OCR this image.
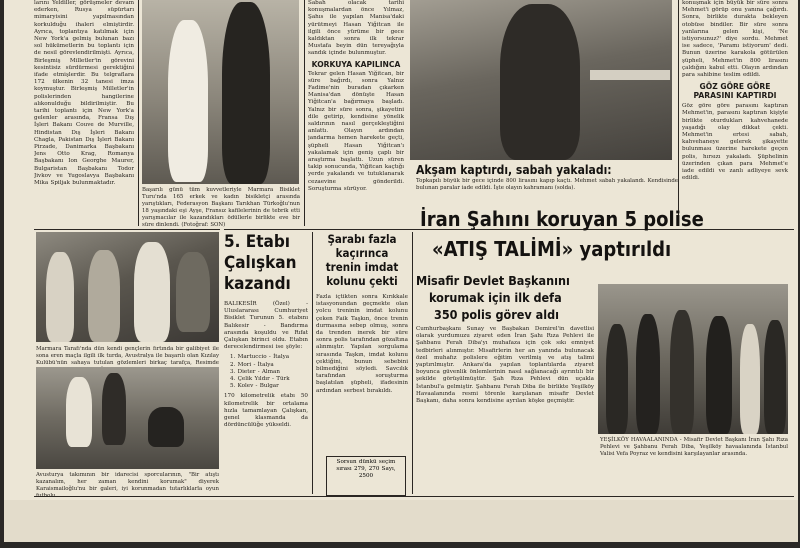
larını Yeldiller, görüşmeler devam ederken, Rusya süpürtarı mimaryisini yapılmasından korkulduğu ihaleri elmiştirdir. Ayrıca, toplantıya katılmak için New York'a gelmiş bulunan bazı sol hükümetlerin bu toplantı için de nesil görevlendirilmişti. Ayrıca, Birleşmiş Milletler'in görevini kesintisiz sürdürmesi gerektiğini ifade etmişlerdir. Bu telgraflara 172 ülkenin 32 tanesi imza koymuştur. Birleşmiş Milletler'in polislerinden hangilerine alıkonulduğu bildirilmiştir. Bu tarihi toplantı için New York'a gelenler arasında, Fransa Dış İşleri Bakanı Couve de Murville, Hindistan Dış İşleri Bakanı Chagla, Pakistan Dış İşleri Bakanı Pirzade, Danimarka Başbakanı Jens Otto Krag, Romanya Başbakanı Ion Georghe Maurer, Bulgaristan Başbakanı Todor Jivkov ve Yugoslavya Başbakanı Mika Spiljak bulunmaktadır.

Marmara Tarafı'nda dün kendi gençlerin fırtında bir galibiyet ile sona eren maçla ilgili ilk turda, Avustralya ile başarılı olan Kızılay Kulübü'nün sahaya tutulan gözlemleri birkaç tarafça, Resimde

Avusturya takımının bir idarecisi sporcularının, "Bir atıştı kazanalım, her zaman kendini korumak" diyerek Karaismailoğlu'nu bir galeri, iyi korunmadan tutarlıklarla oyun

Başarılı günü tüm kuvvetleriyle Marmara Bisiklet Turu'nda 165 erkek ve kadın bisikletçi arasında yarıştıkları, Federasyon Başkanı Tarıkhan Türkoğlu'nun 18 yaşındaki eşi Ayşe, Fransız kafilelerinin de tebrik etti yarışmacılar ile kazandıkları ödüllerle birlikte eve bir süre dinlendi. (Fotoğraf: SON)

Sabah olacak tarihi konuşmalardan önce Yılmaz, Şahıs ile yapılan Manisa'daki yürütmeyi Hasan Yiğitcan ile ilgili önce yürüme bir gece kaldıktan sonra ilk tekrar Mustafa beyin dün tereyağıyla sandık içinde bulunmuştur.

KORKUYA KAPILINCA

Tekrar gelen Hasan Yiğitcan, bir süre bağırdı, sonra Yalnız Fadime'nin buradan çıkarken Manisa'dan dönüşte Hasan Yiğitcan'a bağırmaya başladı. Yalnız bir süre sonra, şikayetini dile getirip, kendisine yönelik saldırının nasıl gerçekleştiğini anlattı. Olayın ardından jandarma hemen harekete geçti, şüpheli Hasan Yiğitcan'ı yakalamak için geniş çaplı bir araştırma başlattı. Uzun süren takip sonucunda, Yiğitcan kaçtığı yerde yakalandı ve tutuklanarak cezaevine gönderildi. Soruşturma sürüyor.

Akşam kaptırdı, sabah yakaladı:

Topkapılı büyük bir gece içinde 800 lirasını kapıp kaçtı. Mehmet sabah yakalandı. Kendisinde bulunan paralar iade edildi. İşte olayın kahramanı (solda).

konuşmak için büyük bir süre sonra Mehmet'i görüp onu yanına çağırdı. Sonra, birlikte durakta bekleyen otobüse bindiler. Bir süre sonra yanlarına gelen kişi, 'Ne istiyorsunuz?' diye sordu. Mehmet ise sadece, 'Paramı istiyorum' dedi. Bunun üzerine karakola götürülen şüpheli, Mehmet'in 800 lirasını çaldığını kabul etti. Olayın ardından para sahibine teslim edildi.

GÖZ GÖRE GÖRE PARASINI KAPTIRDI

Göz göre göre parasını kaptıran Mehmet'in, parasını kaptıran kişiyle birlikte oturdukları kahvehanede yaşadığı olay dikkat çekti. Mehmet'in ertesi sabah, kahvehaneye gelerek şikayette bulunması üzerine harekete geçen polis, hırsızı yakaladı. Şüphelinin üzerinden çıkan para Mehmet'e iade edildi ve zanlı adliyeye sevk edildi.

5. Etabı

Çalışkan

kazandı

BALIKESİR (Özel) - Uluslararası Cumhuriyet Bisiklet Turunun 5. etabını Balıkesir - Bandırma arasında koşuldu ve Rıfat Çalışkan birinci oldu. Etabın derecelendirmesi ise şöyle:

1. Martuccio - İtalya

2. Mori - İtalya

3. Dieter - Alman

4. Çelik Yıldır - Türk

5. Kolev - Bulgar

170 kilometrelik etabı 50 kilometrelik bir ortalama hızla tamamlayan Çalışkan, genel klasmanda da dördüncülüğe yükseldi.

Şarabı fazla

kaçırınca

trenin imdat

kolunu çekti

Fazla içtikten sonra Kırıkkale istasyonundan geçmekte olan yolcu treninin imdat kolunu çeken Faik Taşkın, önce trenin durmasına sebep olmuş, sonra da trenden inerek bir süre sonra polis tarafından gözaltına alınmıştır. Yapılan sorgulama sırasında Taşkın, imdat kolunu çektiğini, bunun sebebini bilmediğini söyledi. Savcılık tarafından soruşturma başlatılan şüpheli, ifadesinin ardından serbest bırakıldı.

Sorsun dünkü seçim sırası 279, 270 Sayı, 2500

İran Şahını koruyan 5 polise

«ATIŞ TALİMİ» yaptırıldı

Misafir Devlet Başkanını

korumak için ilk defa

350 polis görev aldı

Cumhurbaşkanı Sunay ve Başbakan Demirel'in davetlisi olarak yurdumuzu ziyaret eden İran Şahı Rıza Pehlevi ile Şahbanu Ferah Diba'yı muhafaza için çok sıkı emniyet tedbirleri alınmıştır. Misafirlerin her an yanında bulunacak özel muhafız polislere eğitim verilmiş ve atış talimi yaptırılmıştır. Ankara'da yapılan toplantılarda ziyaret boyunca güvenlik önlemlerinin nasıl sağlanacağı ayrıntılı bir şekilde görüşülmüştür. Şah Rıza Pehlevi dün uçakla İstanbul'a gelmiştir. Şahbanu Ferah Diba ile birlikte Yeşilköy Havaalanında resmi törenle karşılanan misafir Devlet Başkanı, daha sonra kendisine ayrılan köşke geçmiştir.

YEŞİLKÖY HAVAALANINDA - Misafir Devlet Başkanı İran Şahı Rıza Pehlevi ve Şahbanu Ferah Diba, Yeşilköy havaalanında İstanbul Valisi Vefa Poyraz ve kendisini karşılayanlar arasında.
